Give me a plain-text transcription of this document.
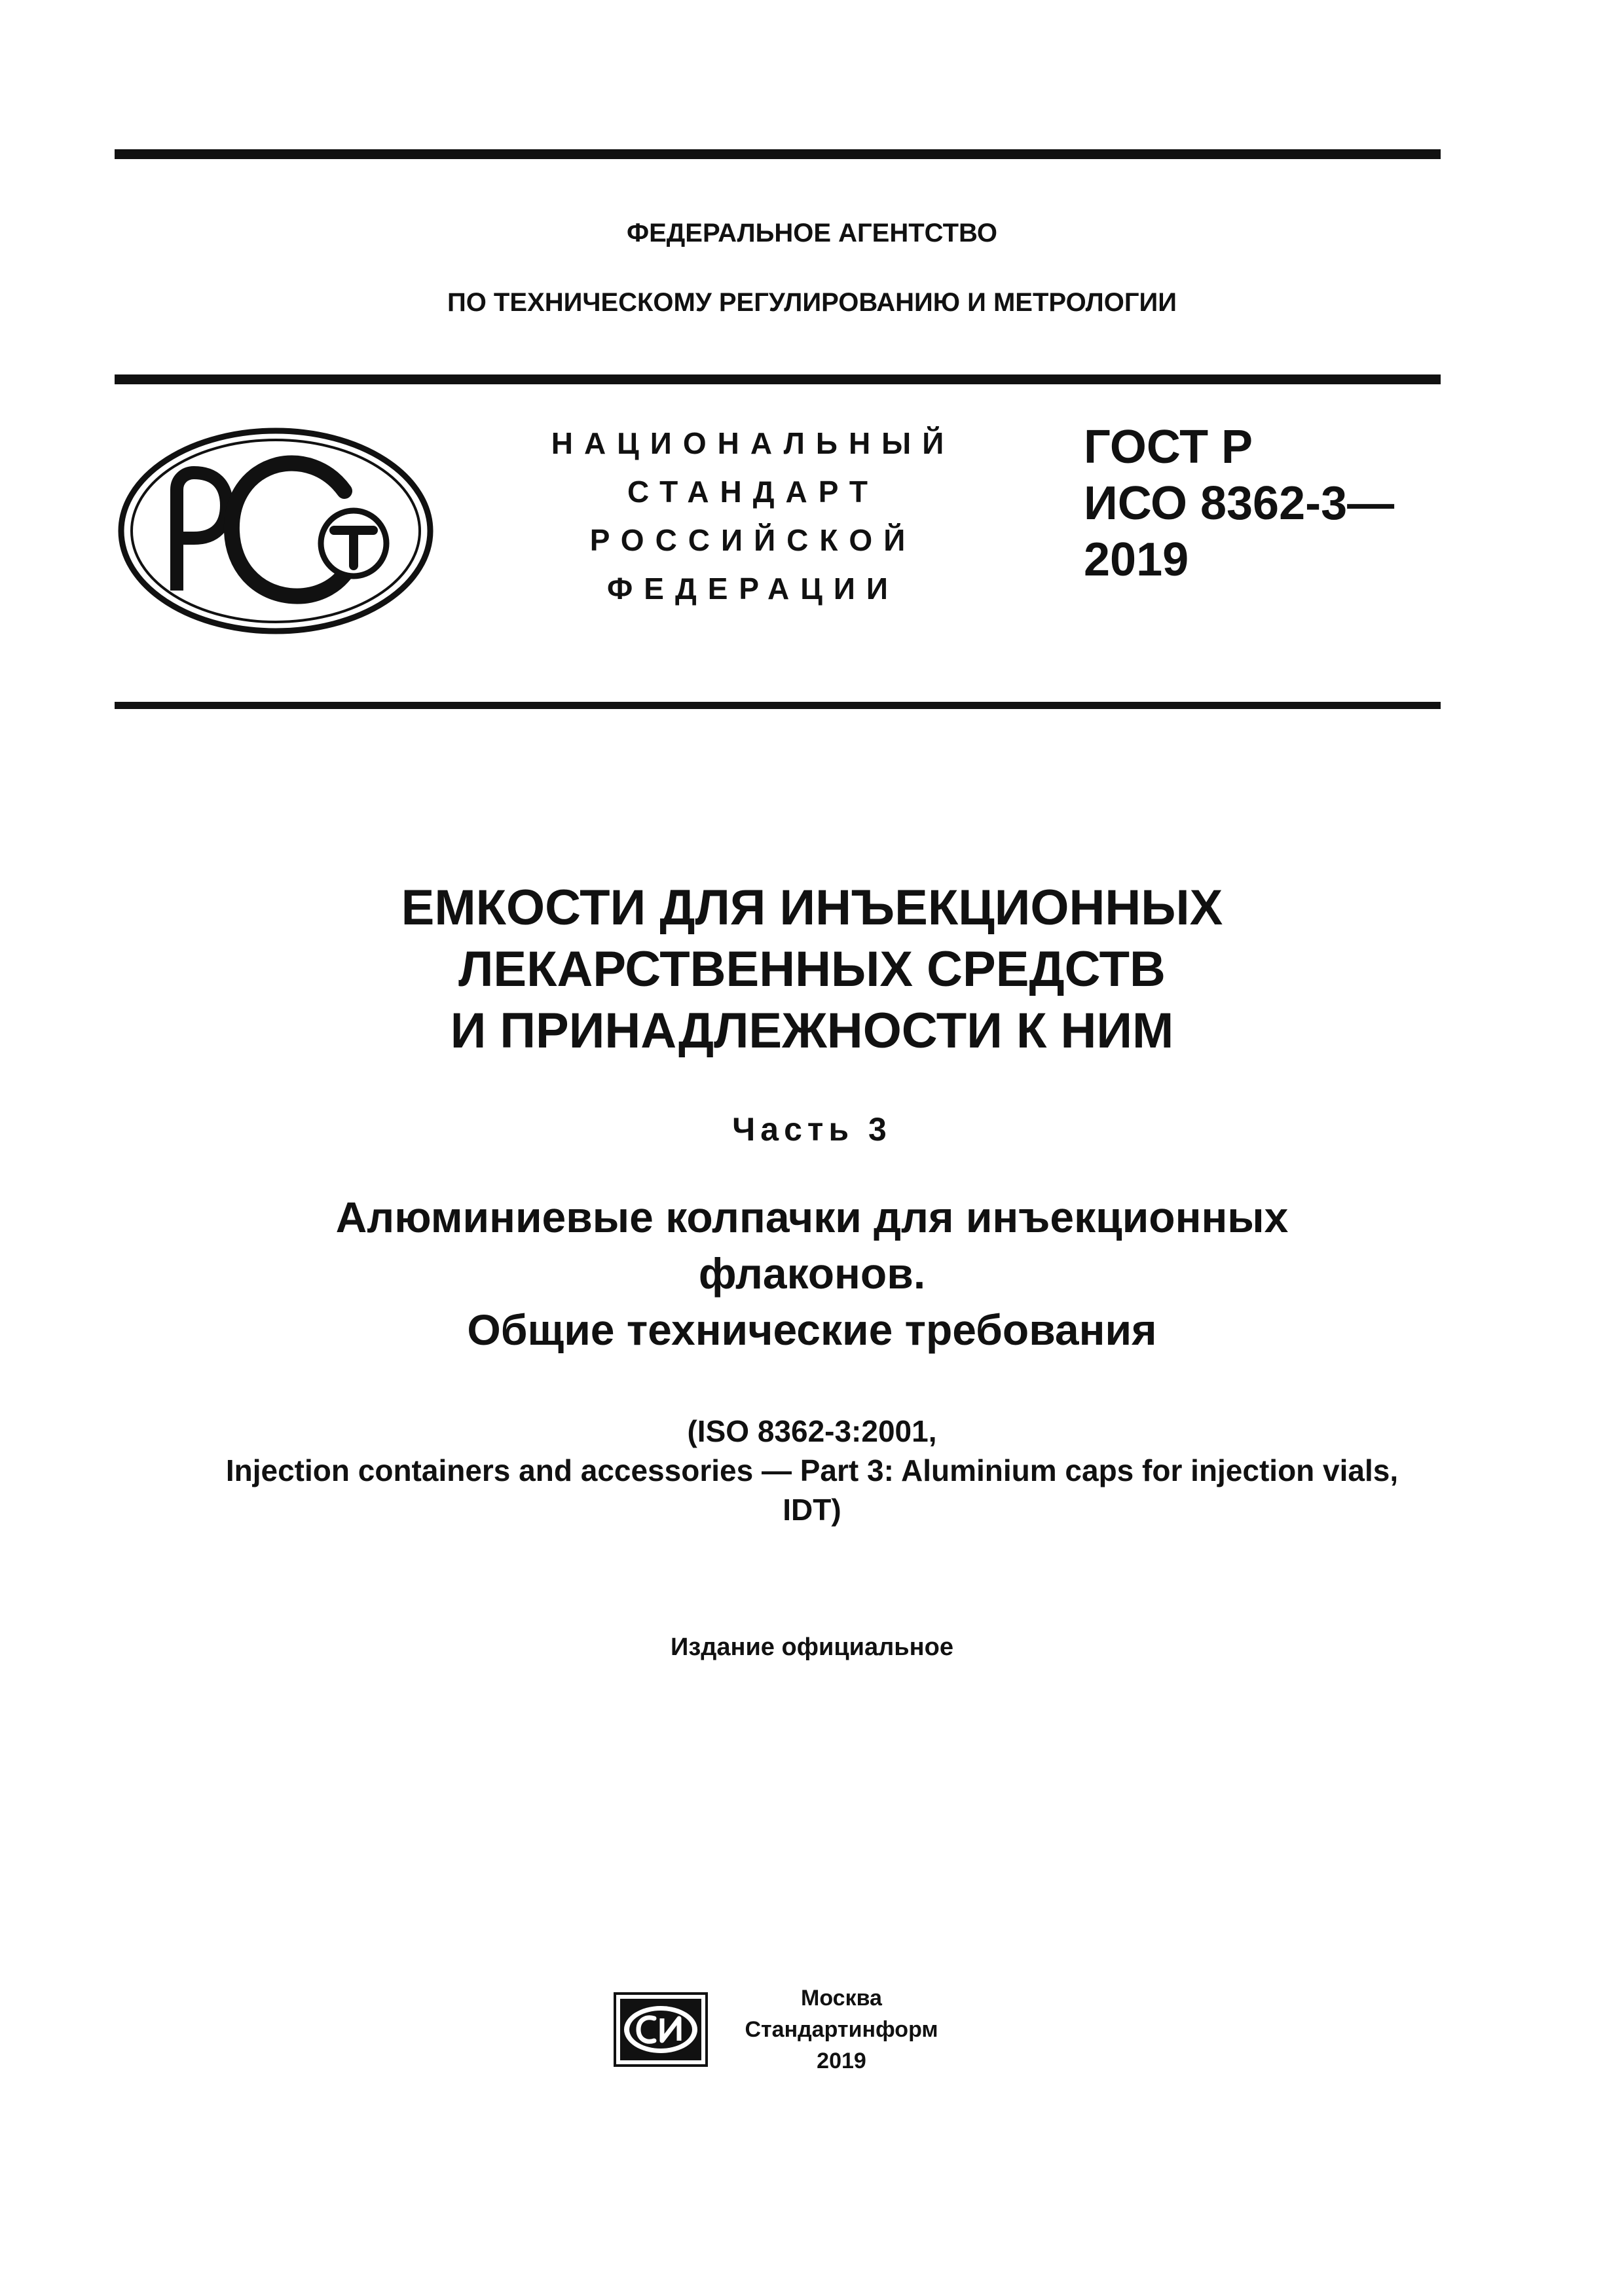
ФЕДЕРАЛЬНОЕ АГЕНТСТВО
ПО ТЕХНИЧЕСКОМУ РЕГУЛИРОВАНИЮ И МЕТРОЛОГИИ
НАЦИОНАЛЬНЫЙ
СТАНДАРТ
РОССИЙСКОЙ
ФЕДЕРАЦИИ
ГОСТ Р
ИСО 8362-3—
2019
ЕМКОСТИ ДЛЯ ИНЪЕКЦИОННЫХ
ЛЕКАРСТВЕННЫХ СРЕДСТВ
И ПРИНАДЛЕЖНОСТИ К НИМ
Часть 3
Алюминиевые колпачки для инъекционных
флаконов.
Общие технические требования
(ISO 8362-3:2001,
Injection containers and accessories — Part 3: Aluminium caps for injection vials,
IDT)
Издание официальное
Москва
Стандартинформ
2019
